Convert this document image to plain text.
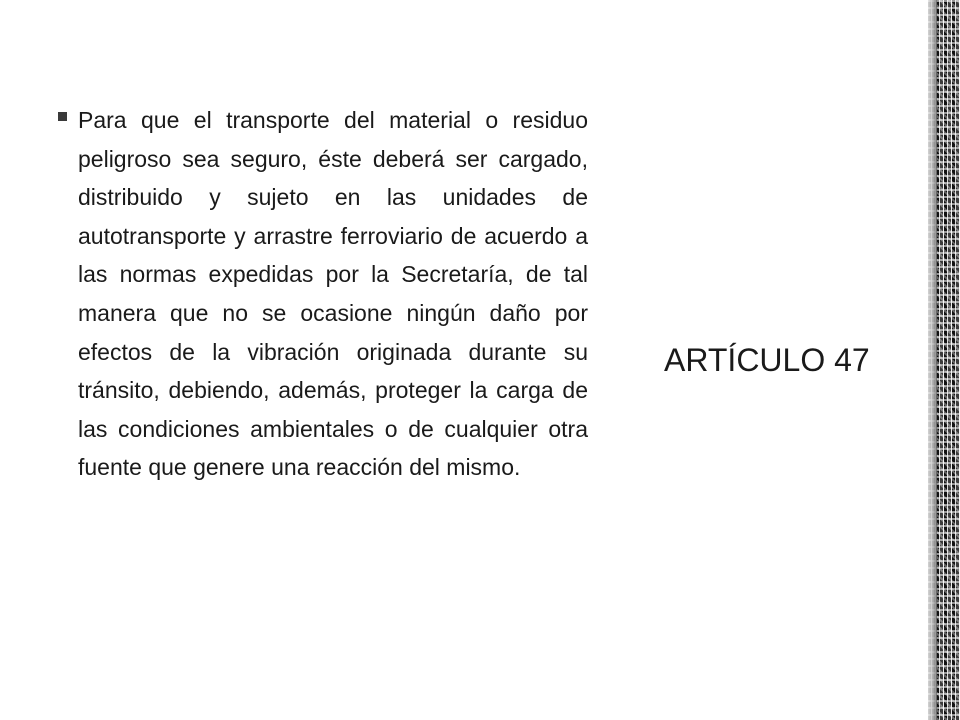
Para que el transporte del material o residuo peligroso sea seguro, éste deberá ser cargado, distribuido y sujeto en las unidades de autotransporte y arrastre ferroviario de acuerdo a las normas expedidas por la Secretaría, de tal manera que no se ocasione ningún daño por efectos de la vibración originada durante su tránsito, debiendo, además, proteger la carga de las condiciones ambientales o de cualquier otra fuente que genere una reacción del mismo.
ARTÍCULO 47
